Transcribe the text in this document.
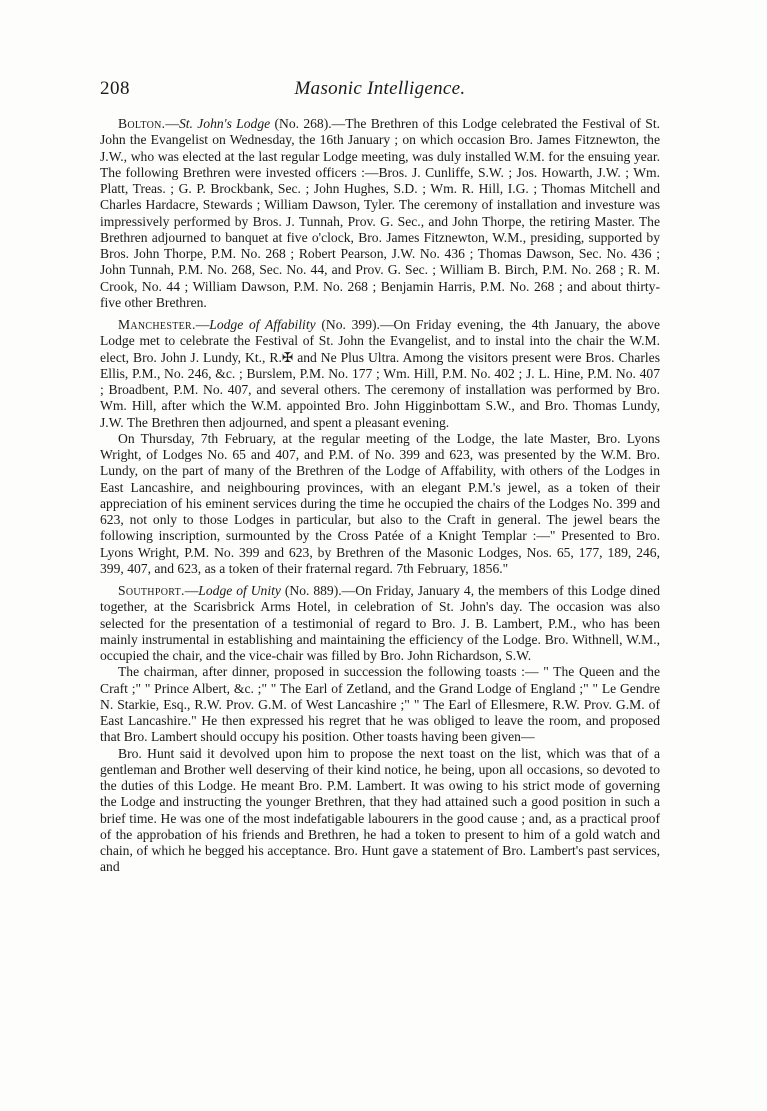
208	Masonic Intelligence.

Bolton.—St. John's Lodge (No. 268).—The Brethren of this Lodge celebrated the Festival of St. John the Evangelist on Wednesday, the 16th January ; on which occasion Bro. James Fitznewton, the J.W., who was elected at the last regular Lodge meeting, was duly installed W.M. for the ensuing year. The following Brethren were invested officers :—Bros. J. Cunliffe, S.W. ; Jos. Howarth, J.W. ; Wm. Platt, Treas. ; G. P. Brockbank, Sec. ; John Hughes, S.D. ; Wm. R. Hill, I.G. ; Thomas Mitchell and Charles Hardacre, Stewards ; William Dawson, Tyler. The ceremony of installation and investure was impressively performed by Bros. J. Tunnah, Prov. G. Sec., and John Thorpe, the retiring Master. The Brethren adjourned to banquet at five o'clock, Bro. James Fitznewton, W.M., presiding, supported by Bros. John Thorpe, P.M. No. 268 ; Robert Pearson, J.W. No. 436 ; Thomas Dawson, Sec. No. 436 ; John Tunnah, P.M. No. 268, Sec. No. 44, and Prov. G. Sec. ; William B. Birch, P.M. No. 268 ; R. M. Crook, No. 44 ; William Dawson, P.M. No. 268 ; Benjamin Harris, P.M. No. 268 ; and about thirty-five other Brethren.

Manchester.—Lodge of Affability (No. 399).—On Friday evening, the 4th January, the above Lodge met to celebrate the Festival of St. John the Evangelist, and to instal into the chair the W.M. elect, Bro. John J. Lundy, Kt., R.✠ and Ne Plus Ultra. Among the visitors present were Bros. Charles Ellis, P.M., No. 246, &c. ; Burslem, P.M. No. 177 ; Wm. Hill, P.M. No. 402 ; J. L. Hine, P.M. No. 407 ; Broadbent, P.M. No. 407, and several others. The ceremony of installation was performed by Bro. Wm. Hill, after which the W.M. appointed Bro. John Higginbottam S.W., and Bro. Thomas Lundy, J.W. The Brethren then adjourned, and spent a pleasant evening.

On Thursday, 7th February, at the regular meeting of the Lodge, the late Master, Bro. Lyons Wright, of Lodges No. 65 and 407, and P.M. of No. 399 and 623, was presented by the W.M. Bro. Lundy, on the part of many of the Brethren of the Lodge of Affability, with others of the Lodges in East Lancashire, and neighbouring provinces, with an elegant P.M.'s jewel, as a token of their appreciation of his eminent services during the time he occupied the chairs of the Lodges No. 399 and 623, not only to those Lodges in particular, but also to the Craft in general. The jewel bears the following inscription, surmounted by the Cross Patée of a Knight Templar :—" Presented to Bro. Lyons Wright, P.M. No. 399 and 623, by Brethren of the Masonic Lodges, Nos. 65, 177, 189, 246, 399, 407, and 623, as a token of their fraternal regard. 7th February, 1856."

Southport.—Lodge of Unity (No. 889).—On Friday, January 4, the members of this Lodge dined together, at the Scarisbrick Arms Hotel, in celebration of St. John's day. The occasion was also selected for the presentation of a testimonial of regard to Bro. J. B. Lambert, P.M., who has been mainly instrumental in establishing and maintaining the efficiency of the Lodge. Bro. Withnell, W.M., occupied the chair, and the vice-chair was filled by Bro. John Richardson, S.W.

The chairman, after dinner, proposed in succession the following toasts :— " The Queen and the Craft ;" " Prince Albert, &c. ;" " The Earl of Zetland, and the Grand Lodge of England ;" " Le Gendre N. Starkie, Esq., R.W. Prov. G.M. of West Lancashire ;" " The Earl of Ellesmere, R.W. Prov. G.M. of East Lancashire." He then expressed his regret that he was obliged to leave the room, and proposed that Bro. Lambert should occupy his position. Other toasts having been given—

Bro. Hunt said it devolved upon him to propose the next toast on the list, which was that of a gentleman and Brother well deserving of their kind notice, he being, upon all occasions, so devoted to the duties of this Lodge. He meant Bro. P.M. Lambert. It was owing to his strict mode of governing the Lodge and instructing the younger Brethren, that they had attained such a good position in such a brief time. He was one of the most indefatigable labourers in the good cause ; and, as a practical proof of the approbation of his friends and Brethren, he had a token to present to him of a gold watch and chain, of which he begged his acceptance. Bro. Hunt gave a statement of Bro. Lambert's past services, and
